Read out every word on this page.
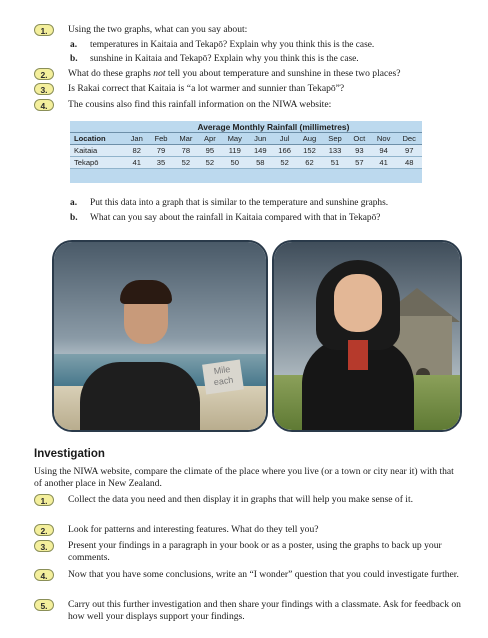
1.	Using the two graphs, what can you say about:
a. temperatures in Kaitaia and Tekapō? Explain why you think this is the case.
b. sunshine in Kaitaia and Tekapō? Explain why you think this is the case.
2.	What do these graphs not tell you about temperature and sunshine in these two places?
3.	Is Rakai correct that Kaitaia is “a lot warmer and sunnier than Tekapō”?
4.	The cousins also find this rainfall information on the NIWA website:
	Average Monthly Rainfall (millimetres)											
Location	Jan	Feb	Mar	Apr	May	Jun	Jul	Aug	Sep	Oct	Nov	Dec
Kaitaia	82	79	78	95	119	149	166	152	133	93	94	97
Tekapō	41	35	52	52	50	58	52	62	51	57	41	48
a. Put this data into a graph that is similar to the temperature and sunshine graphs.
b. What can you say about the rainfall in Kaitaia compared with that in Tekapō?
Mile
each
Investigation
Using the NIWA website, compare the climate of the place where you live (or a town or city near it) with that of another place in New Zealand.
1.	Collect the data you need and then display it in graphs that will help you make sense of it.
2.	Look for patterns and interesting features. What do they tell you?
3.	Present your findings in a paragraph in your book or as a poster, using the graphs to back up your comments.
4.	Now that you have some conclusions, write an “I wonder” question that you could investigate further.
5.	Carry out this further investigation and then share your findings with a classmate. Ask for feedback on how well your displays support your findings.
